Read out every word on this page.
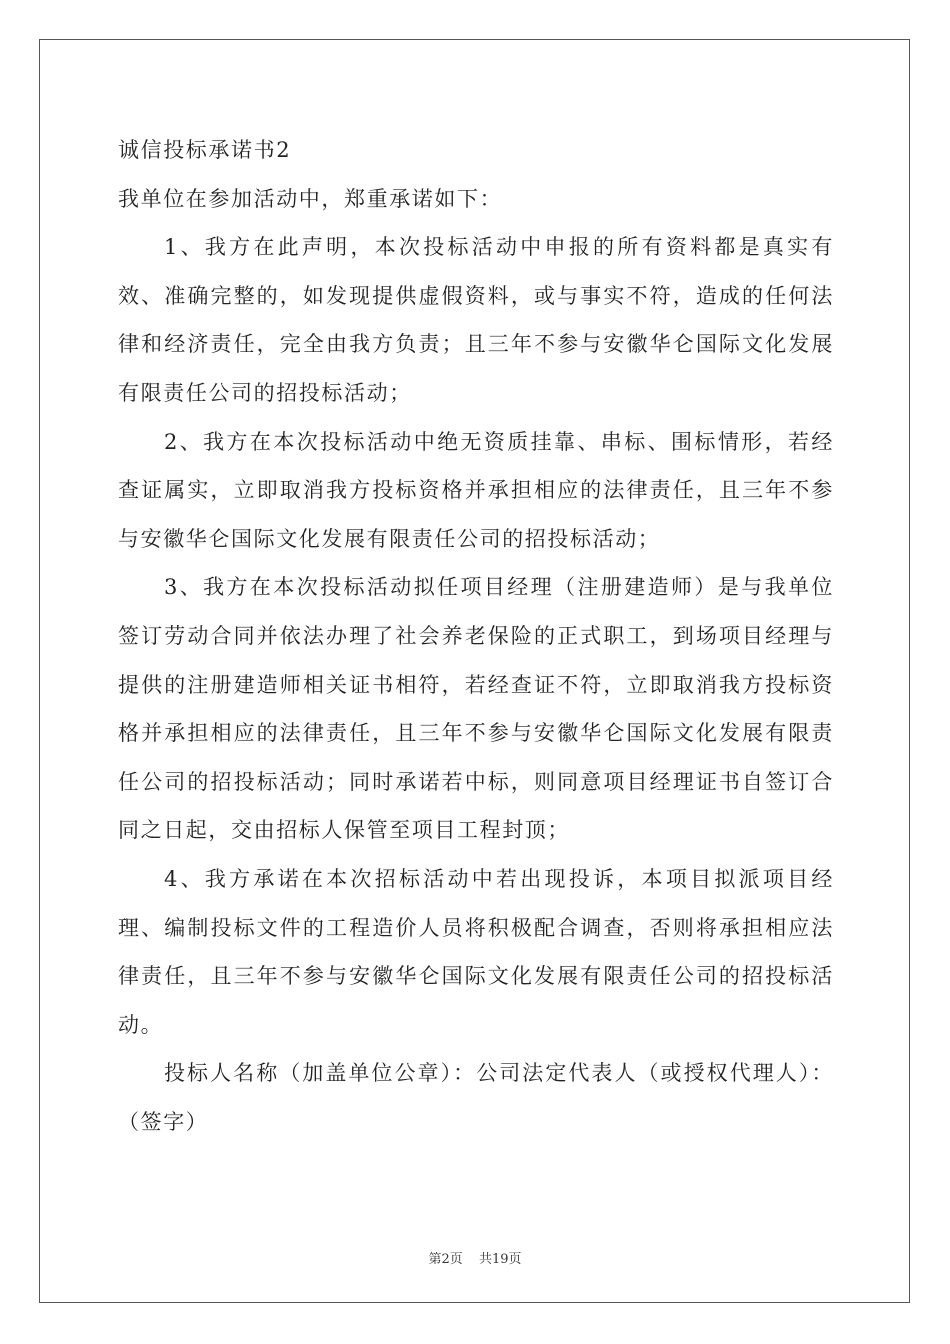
诚信投标承诺书2

我单位在参加活动中，郑重承诺如下：

1、我方在此声明，本次投标活动中申报的所有资料都是真实有效、准确完整的，如发现提供虚假资料，或与事实不符，造成的任何法律和经济责任，完全由我方负责；且三年不参与安徽华仑国际文化发展有限责任公司的招投标活动；

2、我方在本次投标活动中绝无资质挂靠、串标、围标情形，若经查证属实，立即取消我方投标资格并承担相应的法律责任，且三年不参与安徽华仑国际文化发展有限责任公司的招投标活动；

3、我方在本次投标活动拟任项目经理（注册建造师）是与我单位签订劳动合同并依法办理了社会养老保险的正式职工，到场项目经理与提供的注册建造师相关证书相符，若经查证不符，立即取消我方投标资格并承担相应的法律责任，且三年不参与安徽华仑国际文化发展有限责任公司的招投标活动；同时承诺若中标，则同意项目经理证书自签订合同之日起，交由招标人保管至项目工程封顶；

4、我方承诺在本次招标活动中若出现投诉，本项目拟派项目经理、编制投标文件的工程造价人员将积极配合调查，否则将承担相应法律责任，且三年不参与安徽华仑国际文化发展有限责任公司的招投标活动。

投标人名称（加盖单位公章）：公司法定代表人（或授权代理人）：（签字）

第2页 共19页
